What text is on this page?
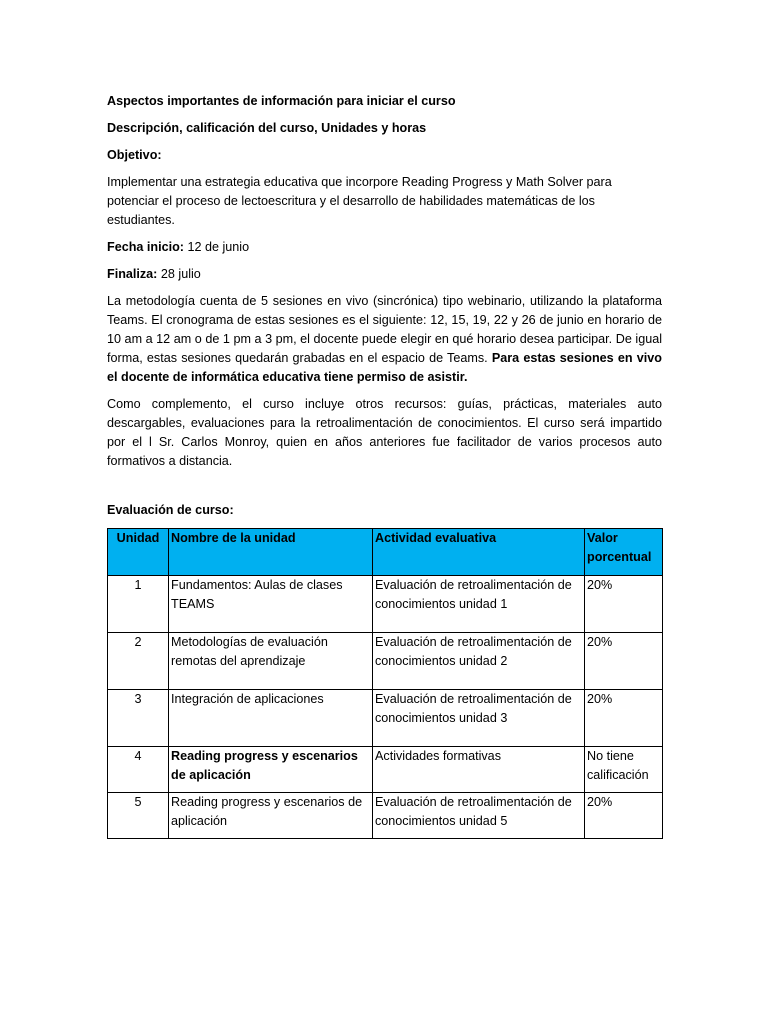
Aspectos importantes de información para iniciar el curso

Descripción, calificación del curso, Unidades y horas

Objetivo:

Implementar una estrategia educativa que incorpore Reading Progress y Math Solver para potenciar el proceso de lectoescritura y el desarrollo de habilidades matemáticas de los estudiantes.

Fecha inicio: 12 de junio

Finaliza: 28 julio

La metodología cuenta de 5 sesiones en vivo (sincrónica) tipo webinario, utilizando la plataforma Teams. El cronograma de estas sesiones es el siguiente: 12, 15, 19, 22 y 26 de junio en horario de 10 am a 12 am o de 1 pm a 3 pm, el docente puede elegir en qué horario desea participar. De igual forma, estas sesiones quedarán grabadas en el espacio de Teams. Para estas sesiones en vivo el docente de informática educativa tiene permiso de asistir.

Como complemento, el curso incluye otros recursos: guías, prácticas, materiales auto descargables, evaluaciones para la retroalimentación de conocimientos. El curso será impartido por el l Sr. Carlos Monroy, quien en años anteriores fue facilitador de varios procesos auto formativos a distancia.

Evaluación de curso:

Unidad	Nombre de la unidad	Actividad evaluativa	Valor porcentual
1	Fundamentos: Aulas de clases TEAMS	Evaluación de retroalimentación de conocimientos unidad 1	20%
2	Metodologías de evaluación remotas del aprendizaje	Evaluación de retroalimentación de conocimientos unidad 2	20%
3	Integración de aplicaciones	Evaluación de retroalimentación de conocimientos unidad 3	20%
4	Reading progress y escenarios de aplicación	Actividades formativas	No tiene calificación
5	Reading progress y escenarios de aplicación	Evaluación de retroalimentación de conocimientos unidad 5	20%
